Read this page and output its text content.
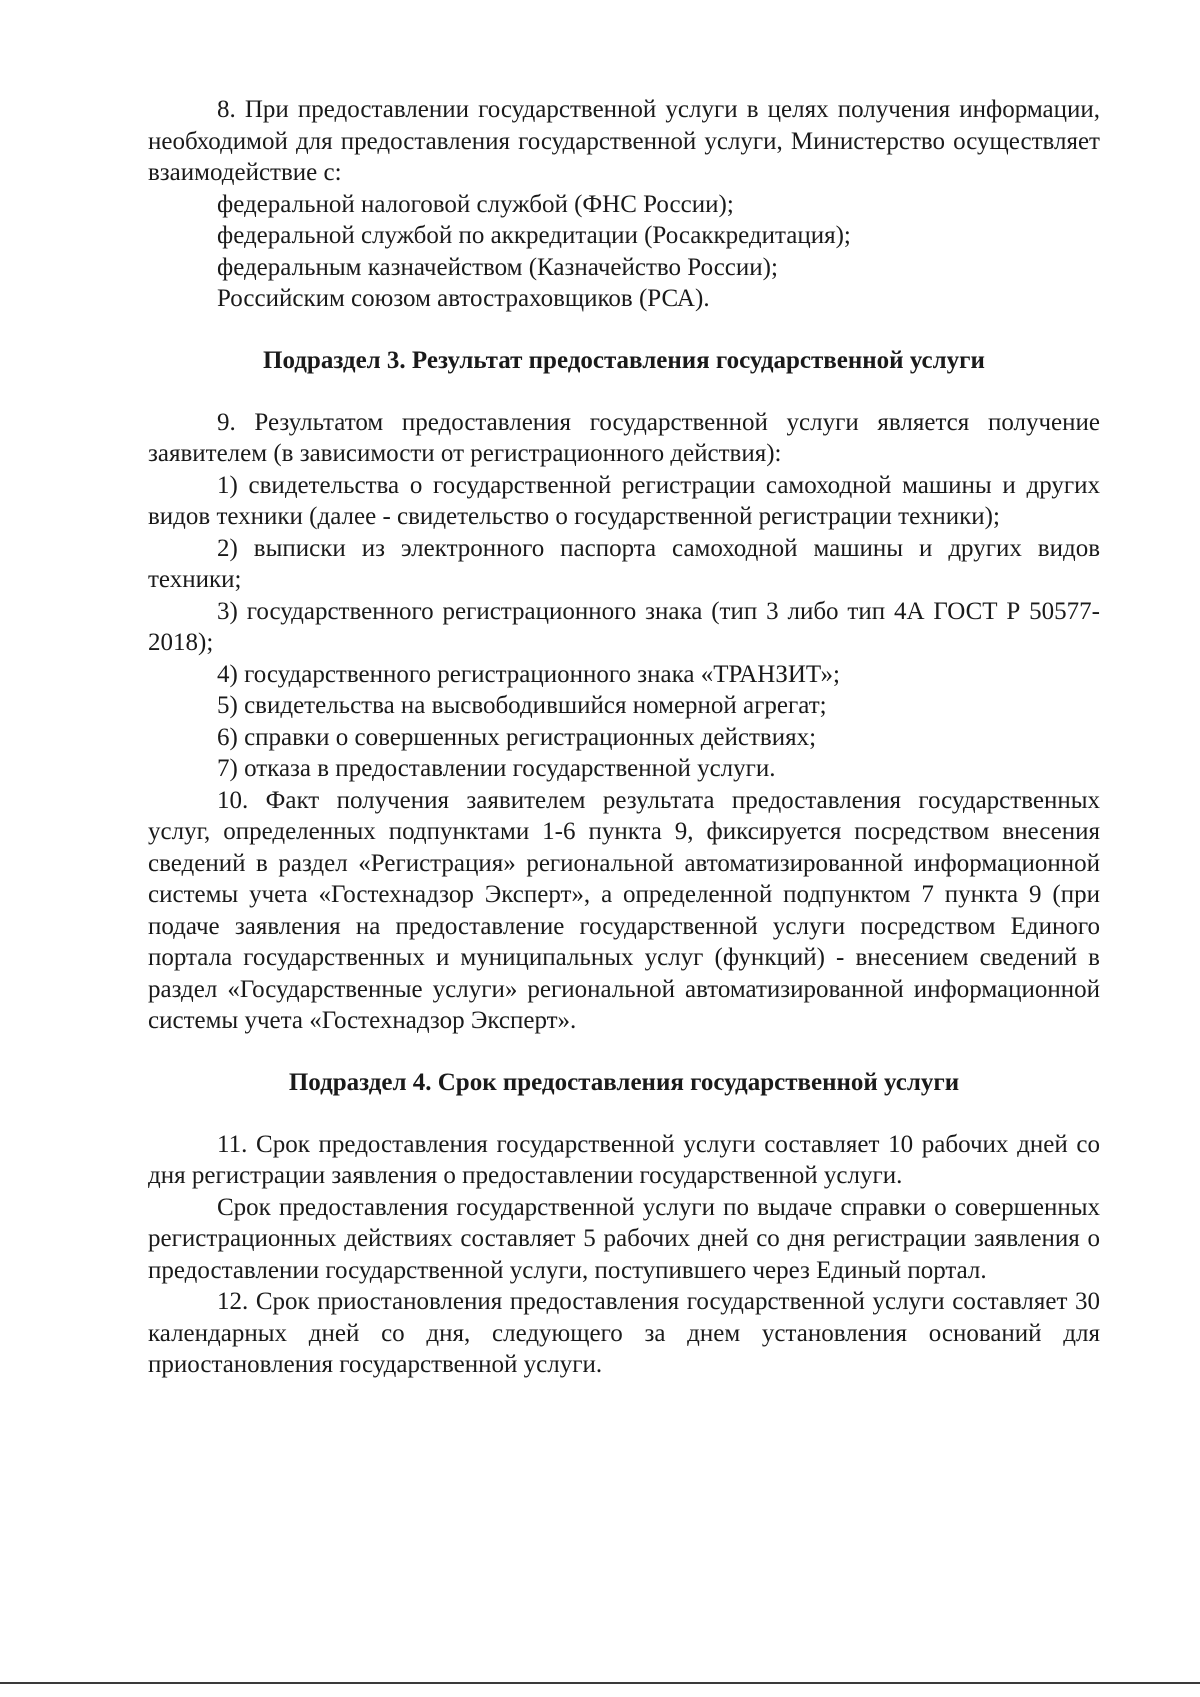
8. При предоставлении государственной услуги в целях получения информации, необходимой для предоставления государственной услуги, Министерство осуществляет взаимодействие с:

федеральной налоговой службой (ФНС России);

федеральной службой по аккредитации (Росаккредитация);

федеральным казначейством (Казначейство России);

Российским союзом автостраховщиков (РСА).

Подраздел 3. Результат предоставления государственной услуги

9. Результатом предоставления государственной услуги является получение заявителем (в зависимости от регистрационного действия):

1) свидетельства о государственной регистрации самоходной машины и других видов техники (далее - свидетельство о государственной регистрации техники);

2) выписки из электронного паспорта самоходной машины и других видов техники;

3) государственного регистрационного знака (тип 3 либо тип 4А ГОСТ Р 50577-2018);

4) государственного регистрационного знака «ТРАНЗИТ»;

5) свидетельства на высвободившийся номерной агрегат;

6) справки о совершенных регистрационных действиях;

7) отказа в предоставлении государственной услуги.

10. Факт получения заявителем результата предоставления государственных услуг, определенных подпунктами 1-6 пункта 9, фиксируется посредством внесения сведений в раздел «Регистрация» региональной автоматизированной информационной системы учета «Гостехнадзор Эксперт», а определенной подпунктом 7 пункта 9 (при подаче заявления на предоставление государственной услуги посредством Единого портала государственных и муниципальных услуг (функций) - внесением сведений в раздел «Государственные услуги» региональной автоматизированной информационной системы учета «Гостехнадзор Эксперт».

Подраздел 4. Срок предоставления государственной услуги

11. Срок предоставления государственной услуги составляет 10 рабочих дней со дня регистрации заявления о предоставлении государственной услуги.

Срок предоставления государственной услуги по выдаче справки о совершенных регистрационных действиях составляет 5 рабочих дней со дня регистрации заявления о предоставлении государственной услуги, поступившего через Единый портал.

12. Срок приостановления предоставления государственной услуги составляет 30 календарных дней со дня, следующего за днем установления оснований для приостановления государственной услуги.
